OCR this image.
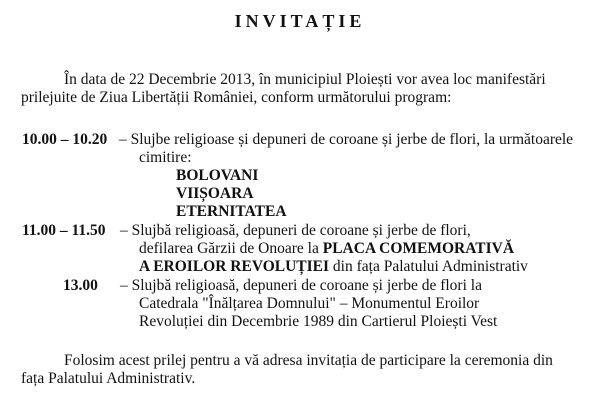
INVITAȚIE
În data de 22 Decembrie 2013, în municipiul Ploiești vor avea loc manifestări
prilejuite de Ziua Libertății României, conform următorului program:
10.00 – 10.20 – Slujbe religioase și depuneri de coroane și jerbe de flori, la următoarele
cimitire:
BOLOVANI
VIIȘOARA
ETERNITATEA
11.00 – 11.50 – Slujbă religioasă, depuneri de coroane și jerbe de flori,
defilarea Gărzii de Onoare la PLACA COMEMORATIVĂ
A EROILOR REVOLUȚIEI din fața Palatului Administrativ
13.00 – Slujbă religioasă, depuneri de coroane și jerbe de flori la
Catedrala "Înălțarea Domnului" – Monumentul Eroilor
Revoluției din Decembrie 1989 din Cartierul Ploiești Vest
Folosim acest prilej pentru a vă adresa invitația de participare la ceremonia din
fața Palatului Administrativ.
